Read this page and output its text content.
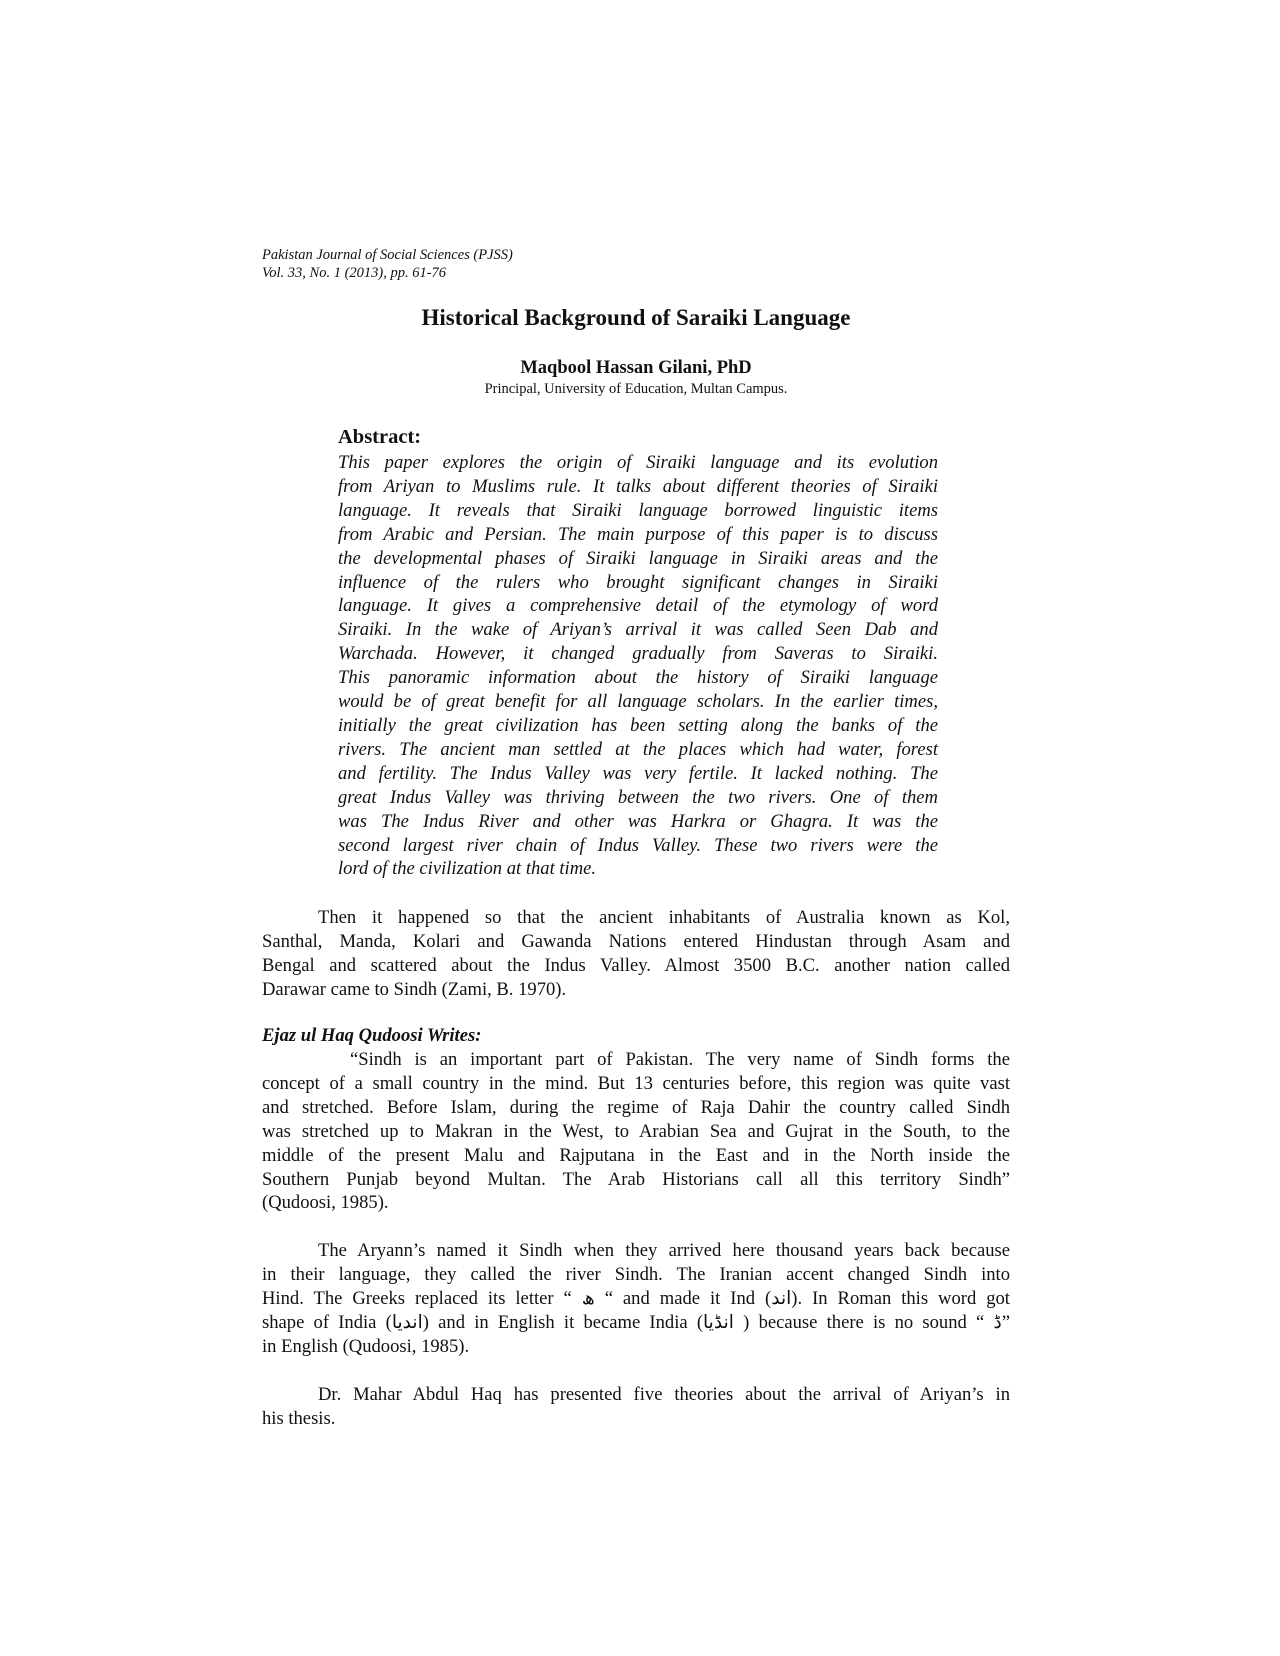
Pakistan Journal of Social Sciences (PJSS)
Vol. 33, No. 1 (2013), pp. 61-76
Historical Background of Saraiki Language
Maqbool Hassan Gilani, PhD
Principal, University of Education, Multan Campus.
Abstract:
This paper explores the origin of Siraiki language and its evolution
from Ariyan to Muslims rule. It talks about different theories of Siraiki
language. It reveals that Siraiki language borrowed linguistic items
from Arabic and Persian. The main purpose of this paper is to discuss
the developmental phases of Siraiki language in Siraiki areas and the
influence of the rulers who brought significant changes in Siraiki
language. It gives a comprehensive detail of the etymology of word
Siraiki. In the wake of Ariyan’s arrival it was called Seen Dab and
Warchada. However, it changed gradually from Saveras to Siraiki.
This panoramic information about the history of Siraiki language
would be of great benefit for all language scholars. In the earlier times,
initially the great civilization has been setting along the banks of the
rivers. The ancient man settled at the places which had water, forest
and fertility. The Indus Valley was very fertile. It lacked nothing. The
great Indus Valley was thriving between the two rivers. One of them
was The Indus River and other was Harkra or Ghagra. It was the
second largest river chain of Indus Valley. These two rivers were the
lord of the civilization at that time.
Then it happened so that the ancient inhabitants of Australia known as Kol,
Santhal, Manda, Kolari and Gawanda Nations entered Hindustan through Asam and
Bengal and scattered about the Indus Valley. Almost 3500 B.C. another nation called
Darawar came to Sindh (Zami, B. 1970).
Ejaz ul Haq Qudoosi Writes:
“Sindh is an important part of Pakistan. The very name of Sindh forms the
concept of a small country in the mind. But 13 centuries before, this region was quite vast
and stretched. Before Islam, during the regime of Raja Dahir the country called Sindh
was stretched up to Makran in the West, to Arabian Sea and Gujrat in the South, to the
middle of the present Malu and Rajputana in the East and in the North inside the
Southern Punjab beyond Multan. The Arab Historians call all this territory Sindh”
(Qudoosi, 1985).
The Aryann’s named it Sindh when they arrived here thousand years back because
in their language, they called the river Sindh. The Iranian accent changed Sindh into
Hind. The Greeks replaced its letter “ ھ “ and made it Ind (اند). In Roman this word got
shape of India (اندیا) and in English it became India (انڈیا ) because there is no sound “ ڈ”
in English (Qudoosi, 1985).
Dr. Mahar Abdul Haq has presented five theories about the arrival of Ariyan’s in
his thesis.
